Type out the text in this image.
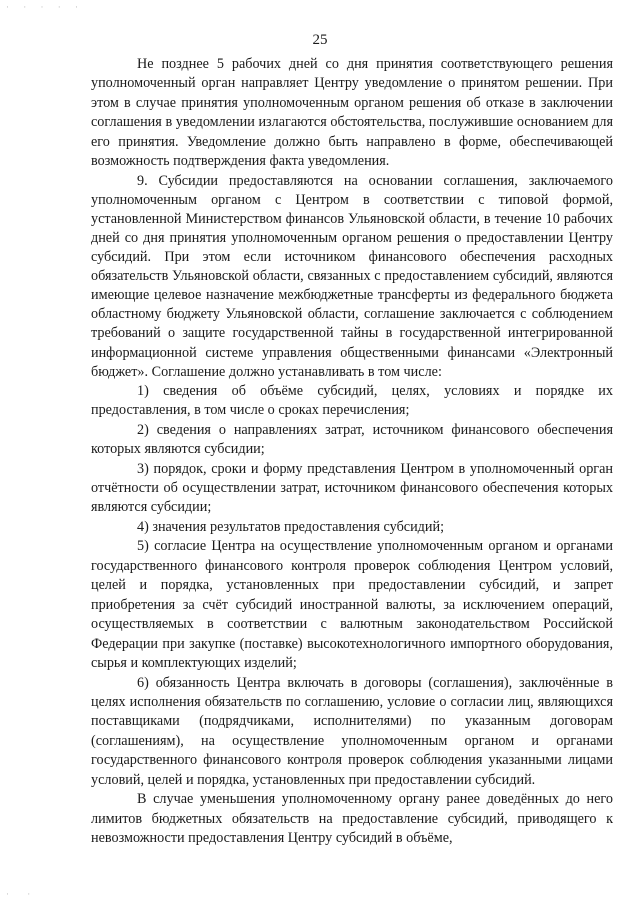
· · · · ·
25

Не позднее 5 рабочих дней со дня принятия соответствующего решения уполномоченный орган направляет Центру уведомление о принятом решении. При этом в случае принятия уполномоченным органом решения об отказе в заключении соглашения в уведомлении излагаются обстоятельства, послужившие основанием для его принятия. Уведомление должно быть направлено в форме, обеспечивающей возможность подтверждения факта уведомления.

9. Субсидии предоставляются на основании соглашения, заключаемого уполномоченным органом с Центром в соответствии с типовой формой, установленной Министерством финансов Ульяновской области, в течение 10 рабочих дней со дня принятия уполномоченным органом решения о предоставлении Центру субсидий. При этом если источником финансового обеспечения расходных обязательств Ульяновской области, связанных с предоставлением субсидий, являются имеющие целевое назначение межбюджетные трансферты из федерального бюджета областному бюджету Ульяновской области, соглашение заключается с соблюдением требований о защите государственной тайны в государственной интегрированной информационной системе управления общественными финансами «Электронный бюджет». Соглашение должно устанавливать в том числе:

1) сведения об объёме субсидий, целях, условиях и порядке их предоставления, в том числе о сроках перечисления;

2) сведения о направлениях затрат, источником финансового обеспечения которых являются субсидии;

3) порядок, сроки и форму представления Центром в уполномоченный орган отчётности об осуществлении затрат, источником финансового обеспечения которых являются субсидии;

4) значения результатов предоставления субсидий;

5) согласие Центра на осуществление уполномоченным органом и органами государственного финансового контроля проверок соблюдения Центром условий, целей и порядка, установленных при предоставлении субсидий, и запрет приобретения за счёт субсидий иностранной валюты, за исключением операций, осуществляемых в соответствии с валютным законодательством Российской Федерации при закупке (поставке) высокотехнологичного импортного оборудования, сырья и комплектующих изделий;

6) обязанность Центра включать в договоры (соглашения), заключённые в целях исполнения обязательств по соглашению, условие о согласии лиц, являющихся поставщиками (подрядчиками, исполнителями) по указанным договорам (соглашениям), на осуществление уполномоченным органом и органами государственного финансового контроля проверок соблюдения указанными лицами условий, целей и порядка, установленных при предоставлении субсидий.

В случае уменьшения уполномоченному органу ранее доведённых до него лимитов бюджетных обязательств на предоставление субсидий, приводящего к невозможности предоставления Центру субсидий в объёме,

· ·
